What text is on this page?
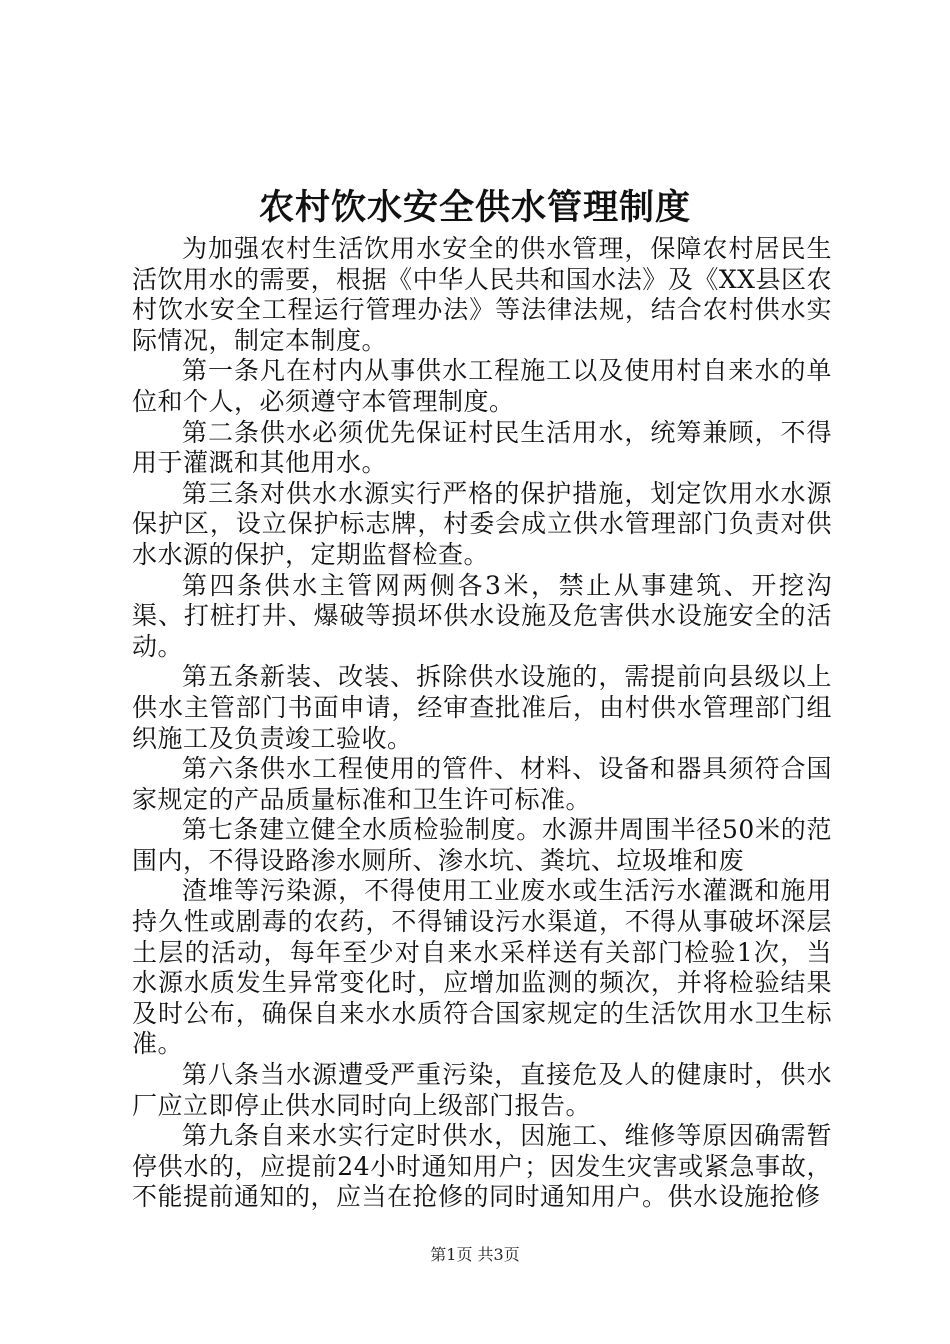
农村饮水安全供水管理制度

为加强农村生活饮用水安全的供水管理，保障农村居民生活饮用水的需要，根据《中华人民共和国水法》及《XX县区农村饮水安全工程运行管理办法》等法律法规，结合农村供水实际情况，制定本制度。

第一条凡在村内从事供水工程施工以及使用村自来水的单位和个人，必须遵守本管理制度。

第二条供水必须优先保证村民生活用水，统筹兼顾，不得用于灌溉和其他用水。

第三条对供水水源实行严格的保护措施，划定饮用水水源保护区，设立保护标志牌，村委会成立供水管理部门负责对供水水源的保护，定期监督检查。

第四条供水主管网两侧各3米，禁止从事建筑、开挖沟渠、打桩打井、爆破等损坏供水设施及危害供水设施安全的活动。

第五条新装、改装、拆除供水设施的，需提前向县级以上供水主管部门书面申请，经审查批准后，由村供水管理部门组织施工及负责竣工验收。

第六条供水工程使用的管件、材料、设备和器具须符合国家规定的产品质量标准和卫生许可标准。

第七条建立健全水质检验制度。水源井周围半径50米的范围内，不得设路渗水厕所、渗水坑、粪坑、垃圾堆和废

渣堆等污染源，不得使用工业废水或生活污水灌溉和施用持久性或剧毒的农药，不得铺设污水渠道，不得从事破坏深层土层的活动，每年至少对自来水采样送有关部门检验1次，当水源水质发生异常变化时，应增加监测的频次，并将检验结果及时公布，确保自来水水质符合国家规定的生活饮用水卫生标准。

第八条当水源遭受严重污染，直接危及人的健康时，供水厂应立即停止供水同时向上级部门报告。

第九条自来水实行定时供水，因施工、维修等原因确需暂停供水的，应提前24小时通知用户；因发生灾害或紧急事故，不能提前通知的，应当在抢修的同时通知用户。供水设施抢修

第1页 共3页
